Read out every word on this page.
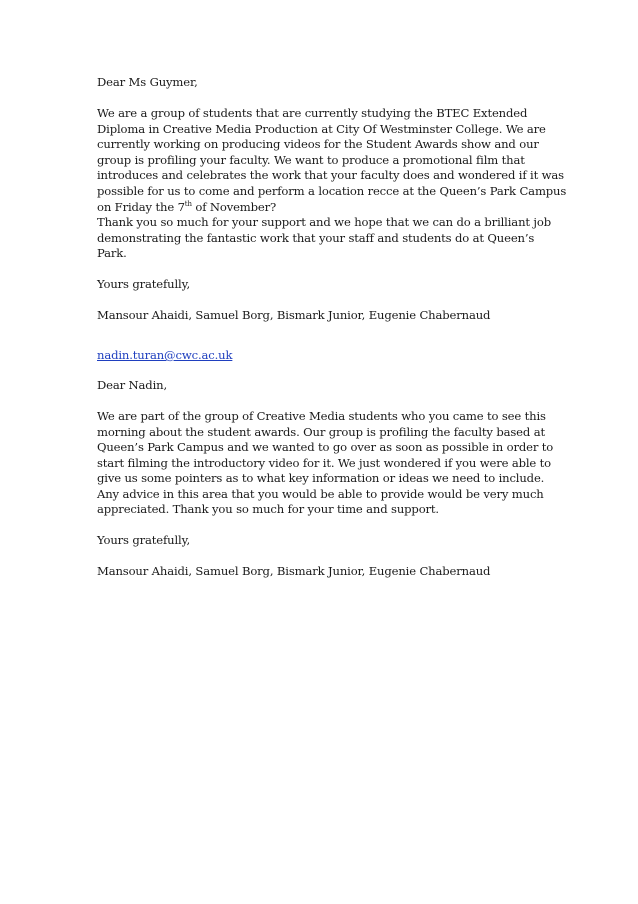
Dear Ms Guymer,
We are a group of students that are currently studying the BTEC Extended
Diploma in Creative Media Production at City Of Westminster College. We are
currently working on producing videos for the Student Awards show and our
group is profiling your faculty. We want to produce a promotional film that
introduces and celebrates the work that your faculty does and wondered if it was
possible for us to come and perform a location recce at the Queen’s Park Campus
on Friday the 7th of November?
Thank you so much for your support and we hope that we can do a brilliant job
demonstrating the fantastic work that your staff and students do at Queen’s
Park.
Yours gratefully,
Mansour Ahaidi, Samuel Borg, Bismark Junior, Eugenie Chabernaud
nadin.turan@cwc.ac.uk
Dear Nadin,
We are part of the group of Creative Media students who you came to see this
morning about the student awards. Our group is profiling the faculty based at
Queen’s Park Campus and we wanted to go over as soon as possible in order to
start filming the introductory video for it. We just wondered if you were able to
give us some pointers as to what key information or ideas we need to include.
Any advice in this area that you would be able to provide would be very much
appreciated. Thank you so much for your time and support.
Yours gratefully,
Mansour Ahaidi, Samuel Borg, Bismark Junior, Eugenie Chabernaud
